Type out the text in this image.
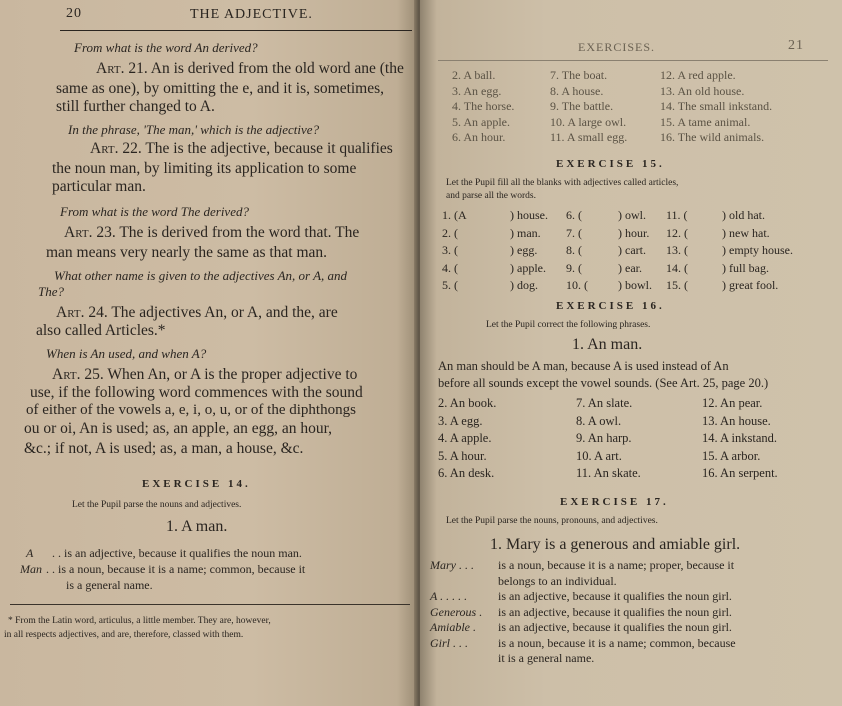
20	THE ADJECTIVE.
From what is the word An derived?
Art. 21. An is derived from the old word ane (the
same as one), by omitting the e, and it is, sometimes,
still further changed to A.
In the phrase, 'The man,' which is the adjective?
Art. 22. The is the adjective, because it qualifies
the noun man, by limiting its application to some
particular man.
From what is the word The derived?
Art. 23. The is derived from the word that. The
man means very nearly the same as that man.
What other name is given to the adjectives An, or A, and
The?
Art. 24. The adjectives An, or A, and the, are
also called Articles.*
When is An used, and when A?
Art. 25. When An, or A is the proper adjective to
use, if the following word commences with the sound
of either of the vowels a, e, i, o, u, or of the diphthongs
ou or oi, An is used; as, an apple, an egg, an hour,
&c.; if not, A is used; as, a man, a house, &c.
EXERCISE 14.
Let the Pupil parse the nouns and adjectives.
1. A man.
A . . is an adjective, because it qualifies the noun man.
Man . . is a noun, because it is a name; common, because it
is a general name.
* From the Latin word, articulus, a little member. They are, however,
in all respects adjectives, and are, therefore, classed with them.
EXERCISES.	21
2. A ball.	7. The boat.	12. A red apple.
3. An egg.	8. A house.	13. An old house.
4. The horse.	9. The battle.	14. The small inkstand.
5. An apple.	10. A large owl.	15. A tame animal.
6. An hour.	11. A small egg.	16. The wild animals.
EXERCISE 15.
Let the Pupil fill all the blanks with adjectives called articles,
and parse all the words.
1. (A	) house. 6. (	) owl. 11. (	) old hat.
2. (	) man. 7. (	) hour. 12. (	) new hat.
3. (	) egg. 8. (	) cart. 13. (	) empty house.
4. (	) apple. 9. (	) ear. 14. (	) full bag.
5. (	) dog. 10. (	) bowl. 15. (	) great fool.
EXERCISE 16.
Let the Pupil correct the following phrases.
1. An man.
An man should be A man, because A is used instead of An
before all sounds except the vowel sounds. (See Art. 25, page 20.)
2. An book.	7. An slate.	12. An pear.
3. A egg.	8. A owl.	13. An house.
4. A apple.	9. An harp.	14. A inkstand.
5. A hour.	10. A art.	15. A arbor.
6. An desk.	11. An skate.	16. An serpent.
EXERCISE 17.
Let the Pupil parse the nouns, pronouns, and adjectives.
1. Mary is a generous and amiable girl.
Mary . . . is a noun, because it is a name; proper, because it
belongs to an individual.
A . . . . .	is an adjective, because it qualifies the noun girl.
Generous . is an adjective, because it qualifies the noun girl.
Amiable . is an adjective, because it qualifies the noun girl.
Girl . . . is a noun, because it is a name; common, because
it is a general name.
